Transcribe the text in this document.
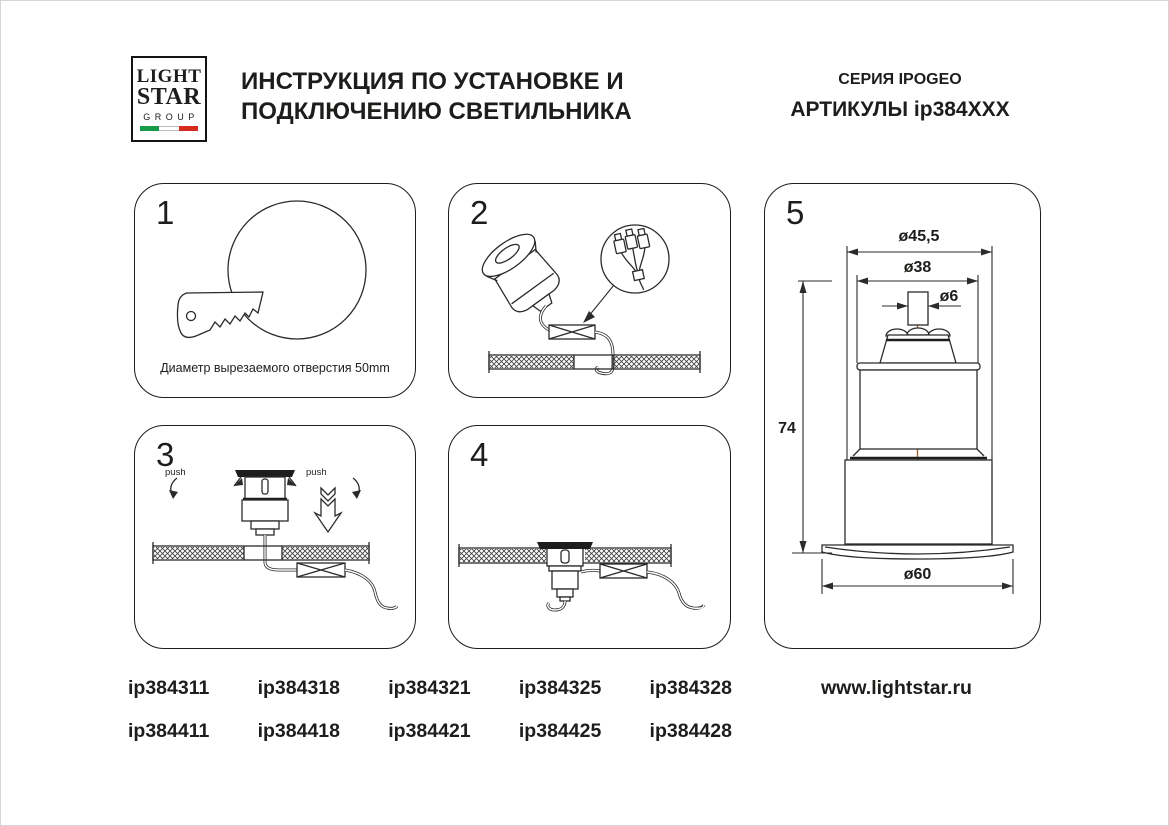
LIGHT
STAR
GROUP
ИНСТРУКЦИЯ ПО УСТАНОВКЕ И
ПОДКЛЮЧЕНИЮ СВЕТИЛЬНИКА
СЕРИЯ IPOGEO
АРТИКУЛЫ ip384XXX
1
Диаметр вырезаемого отверстия 50mm
2
3
push	push	4
5
ø45,5
ø38
ø6
74
ø60
ip384311 ip384318 ip384321 ip384325 ip384328
ip384411 ip384418 ip384421 ip384425 ip384428
www.lightstar.ru
